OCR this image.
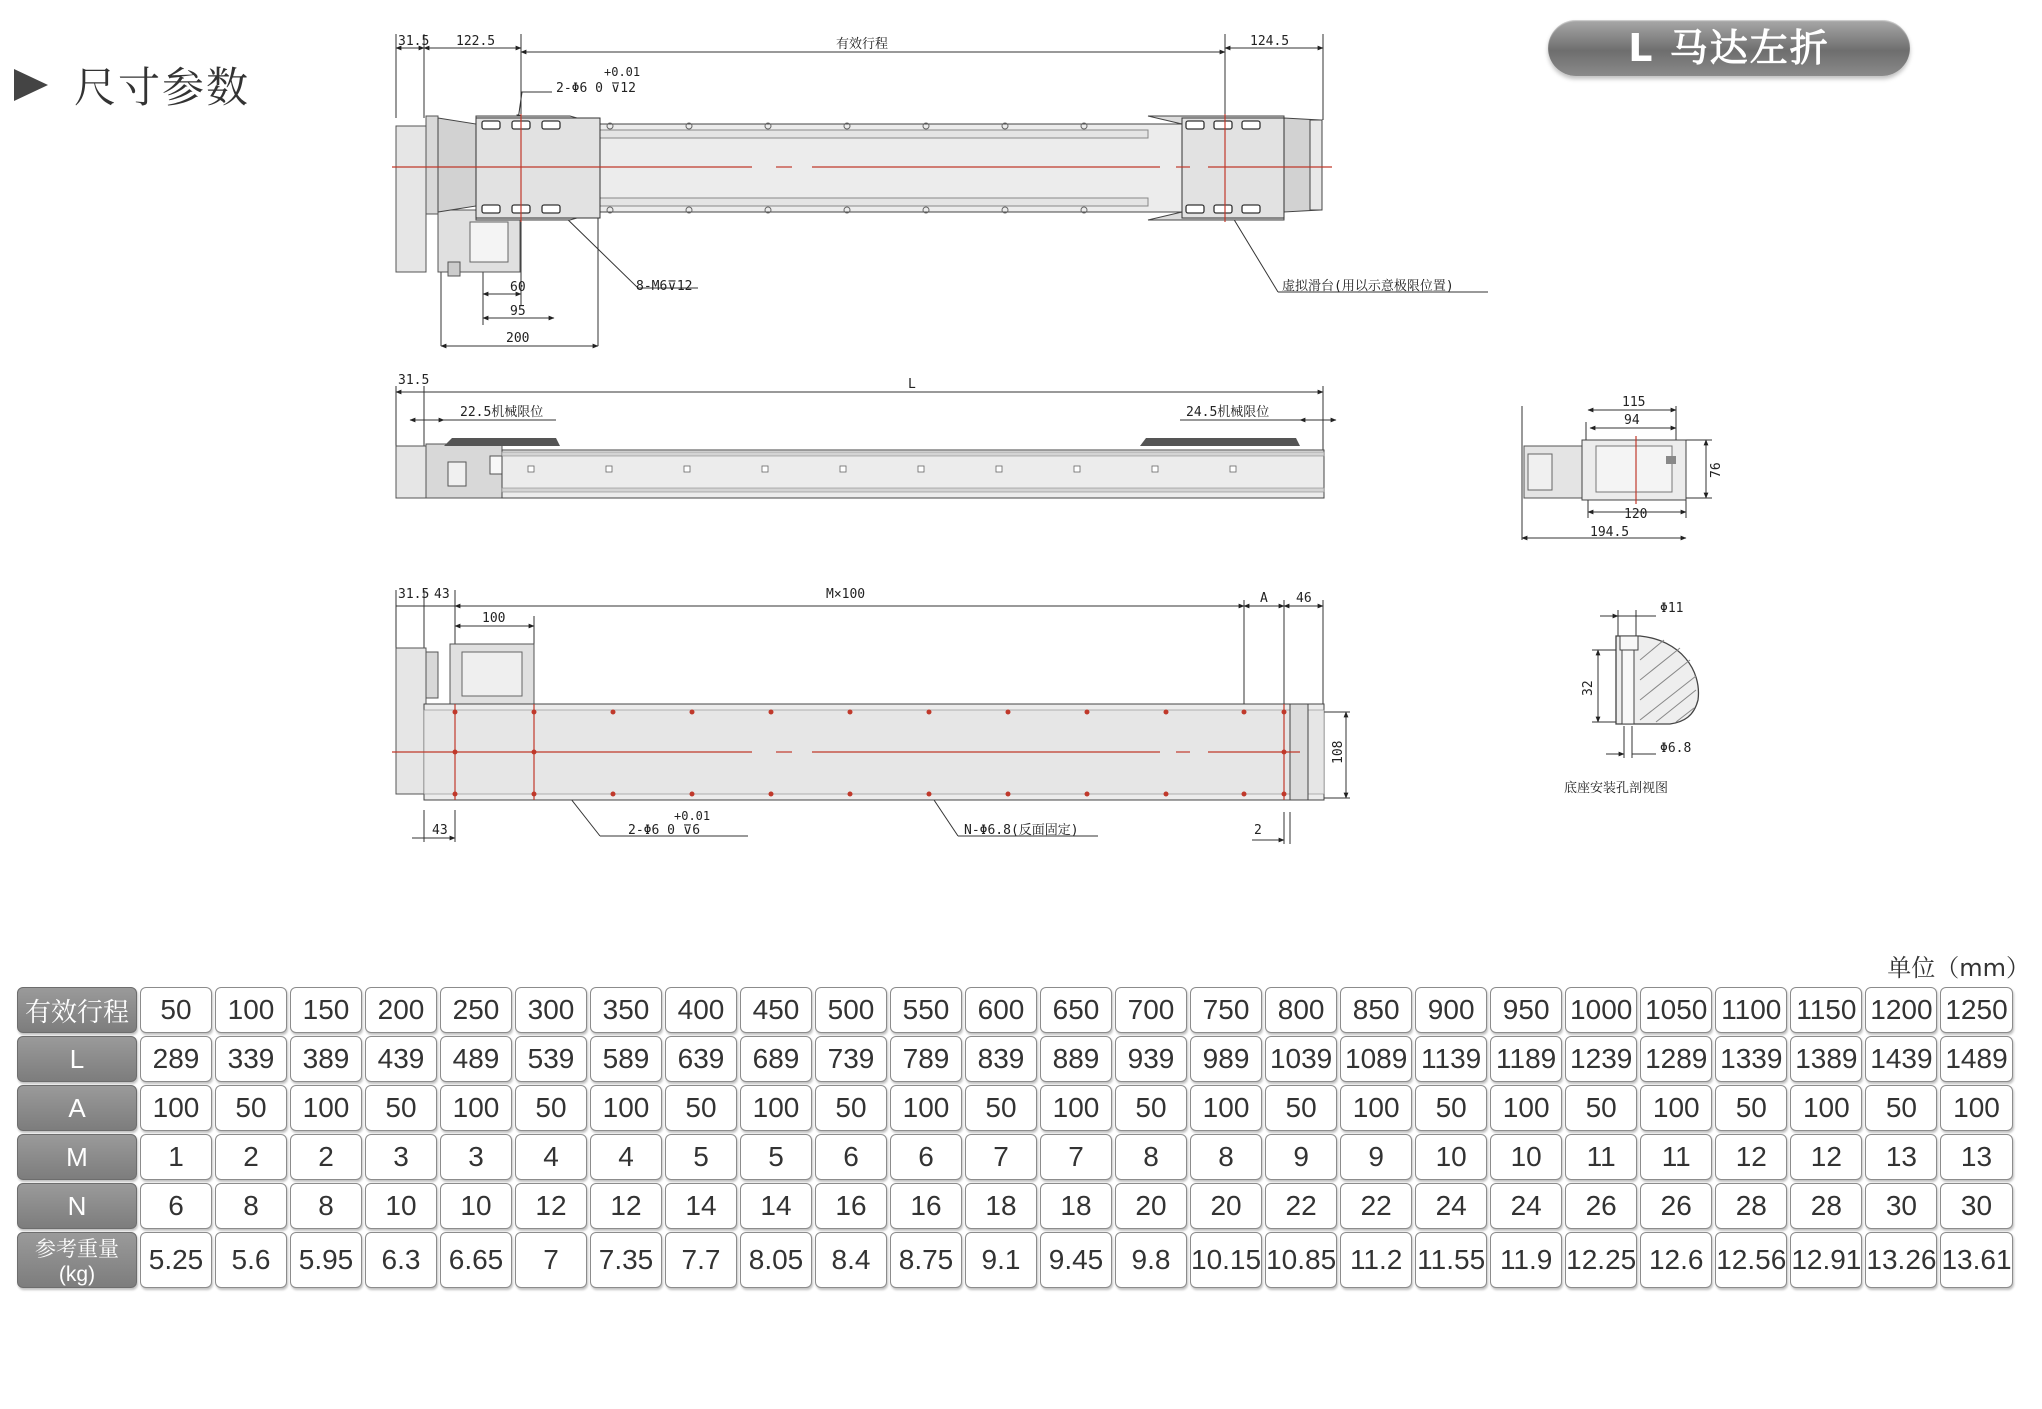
尺寸参数
L 马达左折
31.5 122.5	有效行程	124.5
+0.01
2-Φ6 0 ⊽12
60
95
200
8-M6⊽12	虚拟滑台(用以示意极限位置)
31.5	L
22.5机械限位	24.5机械限位
31.5 43	M×100	A 46
100
108
43
+0.01
2-Φ6 0 ⊽6	N-Φ6.8(反面固定)	2
115
94
76
120
194.5
Φ11
32
Φ6.8
底座安装孔剖视图
单位（mm）
有效行程	50	100	150	200	250	300	350	400	450	500	550	600	650	700	750	800	850	900	950	1000	1050	1100	1150	1200	1250
L	289	339	389	439	489	539	589	639	689	739	789	839	889	939	989	1039	1089	1139	1189	1239	1289	1339	1389	1439	1489
A	100	50	100	50	100	50	100	50	100	50	100	50	100	50	100	50	100	50	100	50	100	50	100	50	100
M	1	2	2	3	3	4	4	5	5	6	6	7	7	8	8	9	9	10	10	11	11	12	12	13	13
N	6	8	8	10	10	12	12	14	14	16	16	18	18	20	20	22	22	24	24	26	26	28	28	30	30
参考重量(kg)	5.25	5.6	5.95	6.3	6.65	7	7.35	7.7	8.05	8.4	8.75	9.1	9.45	9.8	10.15	10.85	11.2	11.55	11.9	12.25	12.6	12.56	12.91	13.26	13.61
